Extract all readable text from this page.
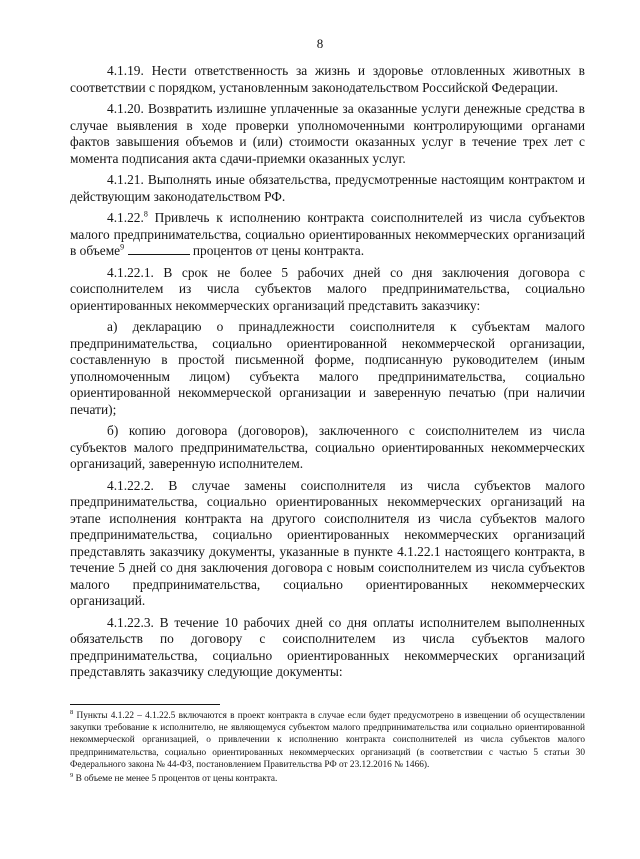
8

4.1.19. Нести ответственность за жизнь и здоровье отловленных животных в соответствии с порядком, установленным законодательством Российской Федерации.

4.1.20. Возвратить излишне уплаченные за оказанные услуги денежные средства в случае выявления в ходе проверки уполномоченными контролирующими органами фактов завышения объемов и (или) стоимости оказанных услуг в течение трех лет с момента подписания акта сдачи-приемки оказанных услуг.

4.1.21. Выполнять иные обязательства, предусмотренные настоящим контрактом и действующим законодательством РФ.

4.1.22.$^8$ Привлечь к исполнению контракта соисполнителей из числа субъектов малого предпринимательства, социально ориентированных некоммерческих организаций в объеме$^9$	процентов от цены контракта.

4.1.22.1. В срок не более 5 рабочих дней со дня заключения договора с соисполнителем из числа субъектов малого предпринимательства, социально ориентированных некоммерческих организаций представить заказчику:

а) декларацию о принадлежности соисполнителя к субъектам малого предпринимательства, социально ориентированной некоммерческой организации, составленную в простой письменной форме, подписанную руководителем (иным уполномоченным лицом) субъекта малого предпринимательства, социально ориентированной некоммерческой организации и заверенную печатью (при наличии печати);

б) копию договора (договоров), заключенного с соисполнителем из числа субъектов малого предпринимательства, социально ориентированных некоммерческих организаций, заверенную исполнителем.

4.1.22.2. В случае замены соисполнителя из числа субъектов малого предпринимательства, социально ориентированных некоммерческих организаций на этапе исполнения контракта на другого соисполнителя из числа субъектов малого предпринимательства, социально ориентированных некоммерческих организаций представлять заказчику документы, указанные в пункте 4.1.22.1 настоящего контракта, в течение 5 дней со дня заключения договора с новым соисполнителем из числа субъектов малого предпринимательства, социально ориентированных некоммерческих организаций.

4.1.22.3. В течение 10 рабочих дней со дня оплаты исполнителем выполненных обязательств по договору с соисполнителем из числа субъектов малого предпринимательства, социально ориентированных некоммерческих организаций представлять заказчику следующие документы:

$^8$ Пункты 4.1.22 – 4.1.22.5 включаются в проект контракта в случае если будет предусмотрено в извещении об осуществлении закупки требование к исполнителю, не являющемуся субъектом малого предпринимательства или социально ориентированной некоммерческой организацией, о привлечении к исполнению контракта соисполнителей из числа субъектов малого предпринимательства, социально ориентированных некоммерческих организаций (в соответствии с частью 5 статьи 30 Федерального закона № 44-ФЗ, постановлением Правительства РФ от 23.12.2016 № 1466).

$^9$ В объеме не менее 5 процентов от цены контракта.
